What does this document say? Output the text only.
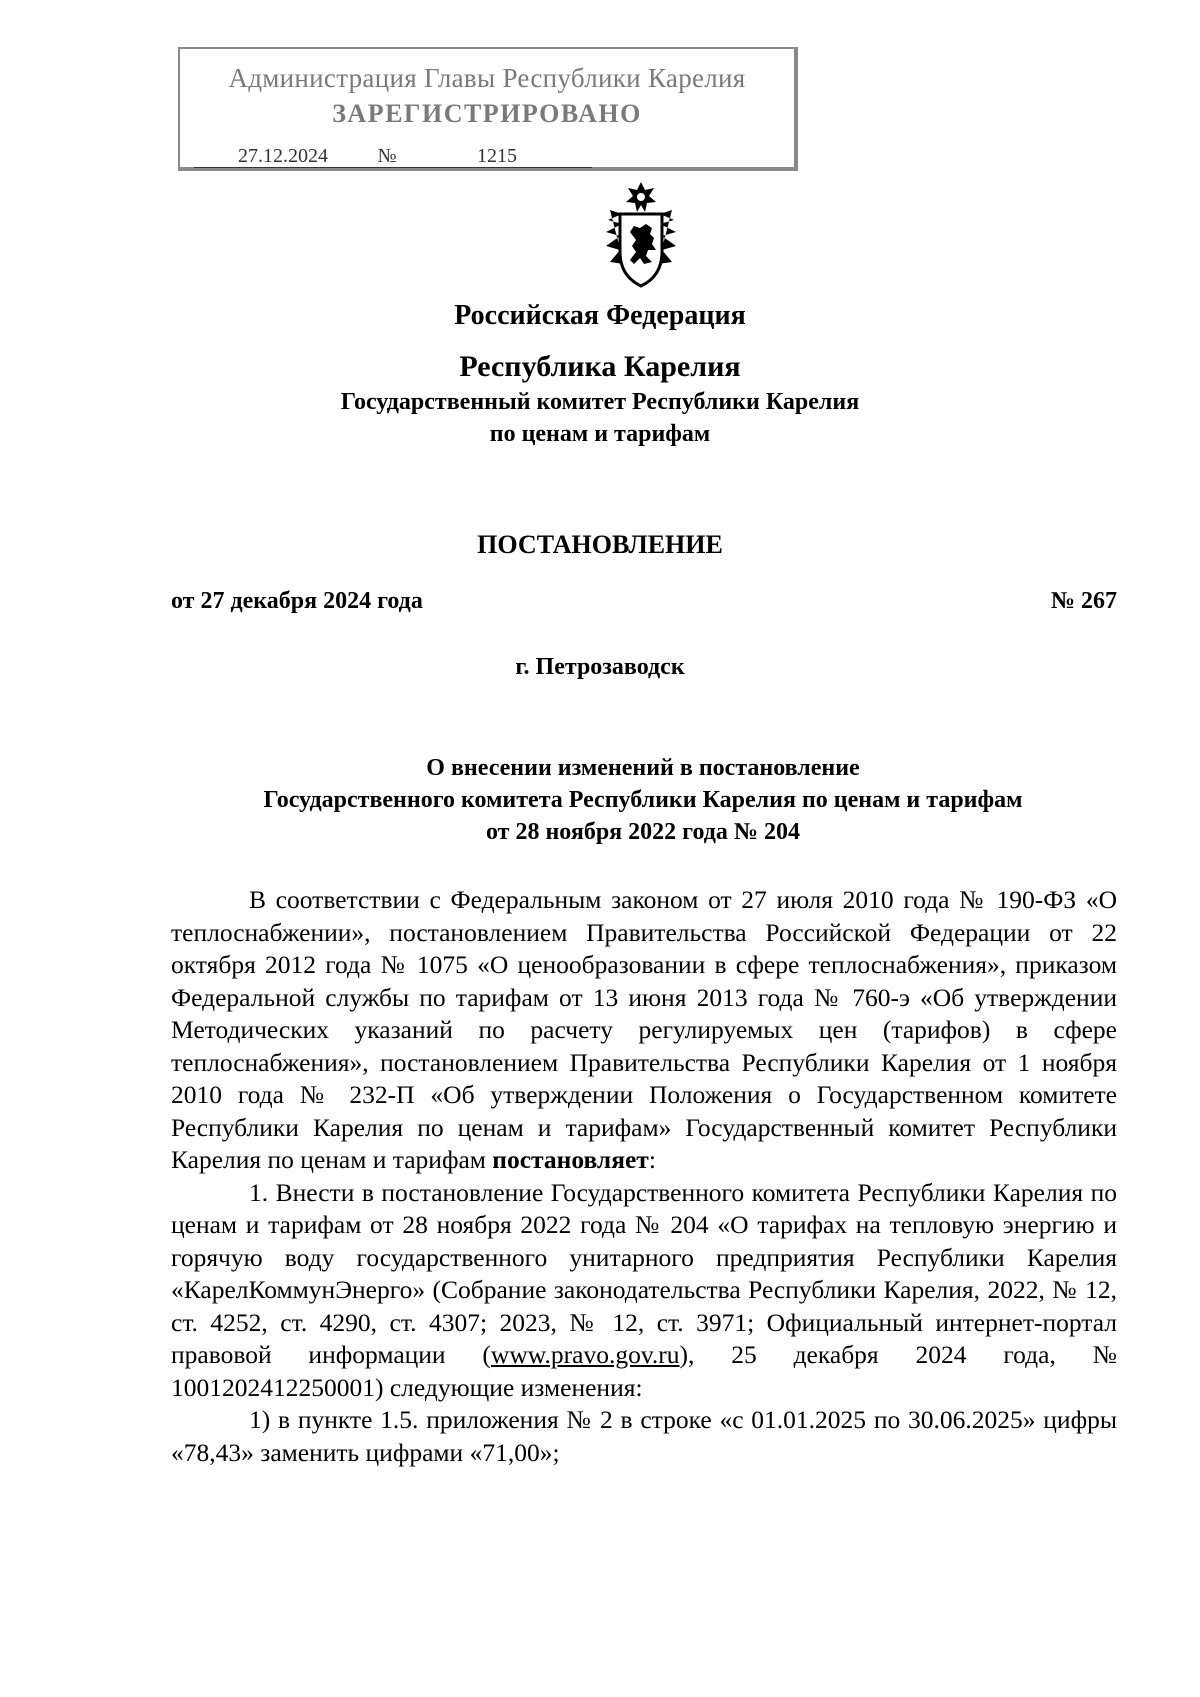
Администрация Главы Республики Карелия
ЗАРЕГИСТРИРОВАНО
27.12.2024 №	1215
Российская Федерация
Республика Карелия
Государственный комитет Республики Карелия
по ценам и тарифам
ПОСТАНОВЛЕНИЕ
от 27 декабря 2024 года	№ 267
г. Петрозаводск
О внесении изменений в постановление
Государственного комитета Республики Карелия по ценам и тарифам
от 28 ноября 2022 года № 204

В соответствии с Федеральным законом от 27 июля 2010 года № 190-ФЗ «О теплоснабжении», постановлением Правительства Российской Федерации от 22 октября 2012 года № 1075 «О ценообразовании в сфере теплоснабжения», приказом Федеральной службы по тарифам от 13 июня 2013 года № 760-э «Об утверждении Методических указаний по расчету регулируемых цен (тарифов) в сфере теплоснабжения», постановлением Правительства Республики Карелия от 1 ноября 2010 года № 232-П «Об утверждении Положения о Государственном комитете Республики Карелия по ценам и тарифам» Государственный комитет Республики Карелия по ценам и тарифам постановляет:

1. Внести в постановление Государственного комитета Республики Карелия по ценам и тарифам от 28 ноября 2022 года № 204 «О тарифах на тепловую энергию и горячую воду государственного унитарного предприятия Республики Карелия «КарелКоммунЭнерго» (Собрание законодательства Республики Карелия, 2022, № 12, ст. 4252, ст. 4290, ст. 4307; 2023, № 12, ст. 3971; Официальный интернет-портал правовой информации (www.pravo.gov.ru), 25 декабря 2024 года, № 1001202412250001) следующие изменения:

1) в пункте 1.5. приложения № 2 в строке «с 01.01.2025 по 30.06.2025» цифры «78,43» заменить цифрами «71,00»;
